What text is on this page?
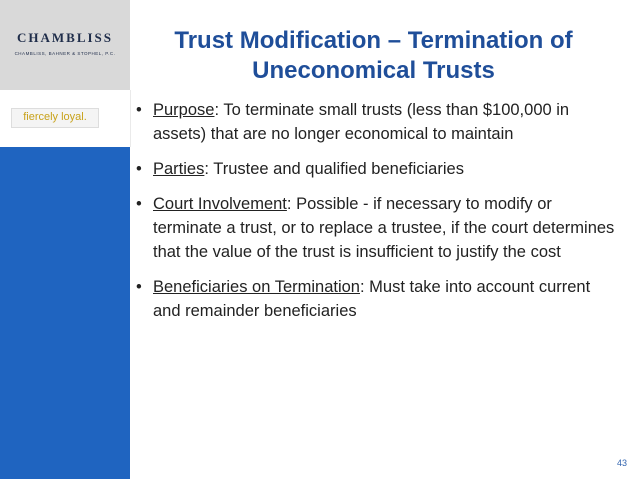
CHAMBLISS
CHAMBLISS, BAHNER & STOPHEL, P.C.
fiercely loyal.
Trust Modification – Termination of Uneconomical Trusts
• Purpose: To terminate small trusts (less than $100,000 in assets) that are no longer economical to maintain
• Parties: Trustee and qualified beneficiaries
• Court Involvement: Possible - if necessary to modify or terminate a trust, or to replace a trustee, if the court determines that the value of the trust is insufficient to justify the cost
• Beneficiaries on Termination: Must take into account current and remainder beneficiaries
43
